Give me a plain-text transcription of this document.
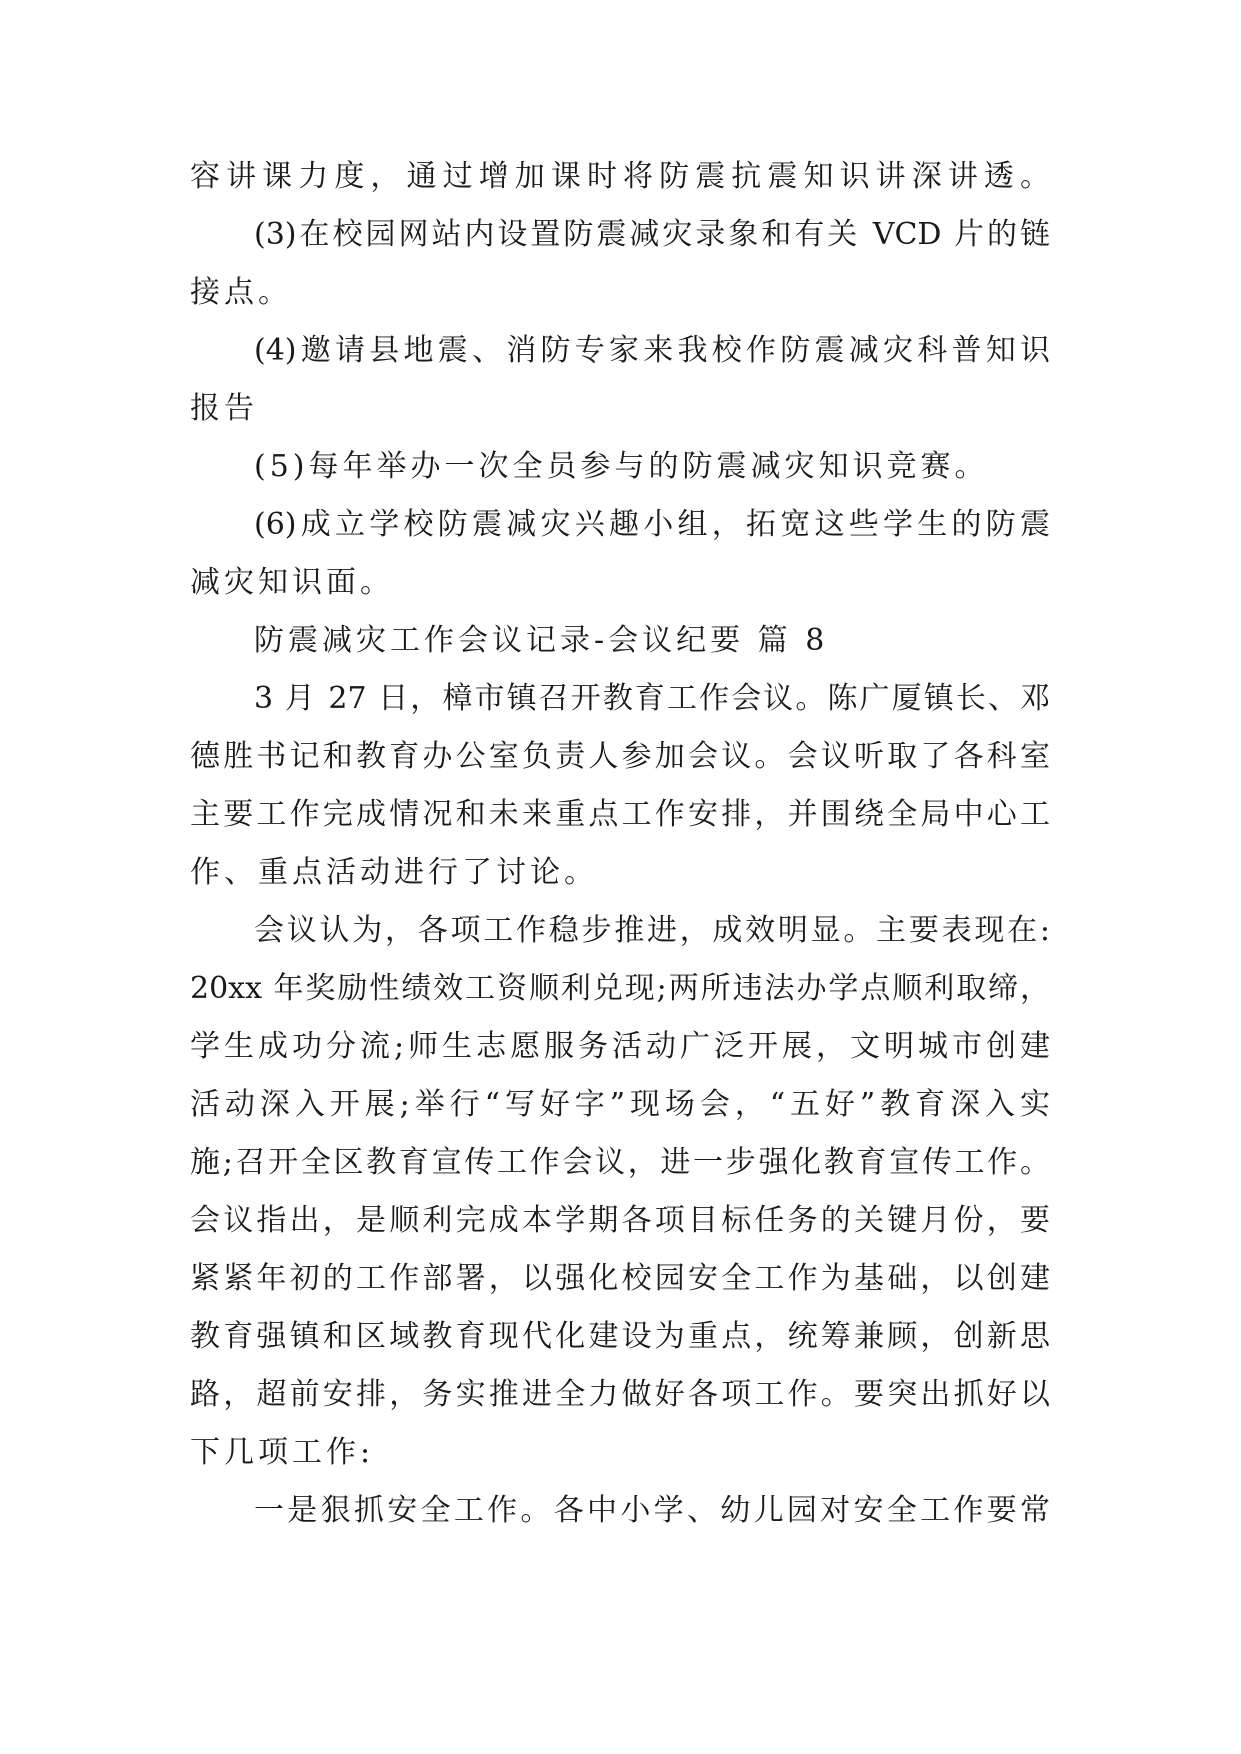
容讲课力度，通过增加课时将防震抗震知识讲深讲透。
(3)在校园网站内设置防震减灾录象和有关 VCD 片的链
接点。
(4)邀请县地震、消防专家来我校作防震减灾科普知识
报告
(5)每年举办一次全员参与的防震减灾知识竞赛。
(6)成立学校防震减灾兴趣小组，拓宽这些学生的防震
减灾知识面。
防震减灾工作会议记录-会议纪要 篇 8
3 月 27 日，樟市镇召开教育工作会议。陈广厦镇长、邓
德胜书记和教育办公室负责人参加会议。会议听取了各科室
主要工作完成情况和未来重点工作安排，并围绕全局中心工
作、重点活动进行了讨论。
会议认为，各项工作稳步推进，成效明显。主要表现在:
20xx 年奖励性绩效工资顺利兑现;两所违法办学点顺利取缔，
学生成功分流;师生志愿服务活动广泛开展，文明城市创建
活动深入开展;举行“写好字”现场会，“五好”教育深入实
施;召开全区教育宣传工作会议，进一步强化教育宣传工作。
会议指出，是顺利完成本学期各项目标任务的关键月份，要
紧紧年初的工作部署，以强化校园安全工作为基础，以创建
教育强镇和区域教育现代化建设为重点，统筹兼顾，创新思
路，超前安排，务实推进全力做好各项工作。要突出抓好以
下几项工作:
一是狠抓安全工作。各中小学、幼儿园对安全工作要常
